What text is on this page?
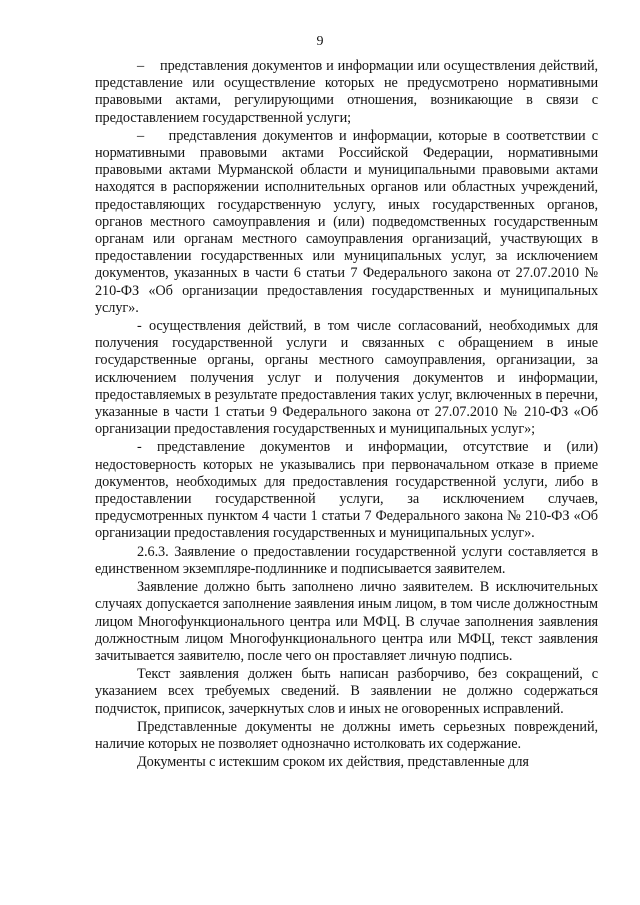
9

–    представления документов и информации или осуществления действий, представление или осуществление которых не предусмотрено нормативными правовыми актами, регулирующими отношения, возникающие в связи с предоставлением государственной услуги;

–    представления документов и информации, которые в соответствии с нормативными правовыми актами Российской Федерации, нормативными правовыми актами Мурманской области и муниципальными правовыми актами находятся в распоряжении исполнительных органов или областных учреждений, предоставляющих государственную услугу, иных государственных органов, органов местного самоуправления и (или) подведомственных государственным органам или органам местного самоуправления организаций, участвующих в предоставлении государственных или муниципальных услуг, за исключением документов, указанных в части 6 статьи 7 Федерального закона от 27.07.2010 № 210-ФЗ «Об организации предоставления государственных и муниципальных услуг».

- осуществления действий, в том числе согласований, необходимых для получения государственной услуги и связанных с обращением в иные государственные органы, органы местного самоуправления, организации, за исключением получения услуг и получения документов и информации, предоставляемых в результате предоставления таких услуг, включенных в перечни, указанные в части 1 статьи 9 Федерального закона от 27.07.2010 № 210-ФЗ «Об организации предоставления государственных и муниципальных услуг»;

- представление документов и информации, отсутствие и (или) недостоверность которых не указывались при первоначальном отказе в приеме документов, необходимых для предоставления государственной услуги, либо в предоставлении государственной услуги, за исключением случаев, предусмотренных пунктом 4 части 1 статьи 7 Федерального закона № 210-ФЗ «Об организации предоставления государственных и муниципальных услуг».

2.6.3. Заявление о предоставлении государственной услуги составляется в единственном экземпляре-подлиннике и подписывается заявителем.

Заявление должно быть заполнено лично заявителем. В исключительных случаях допускается заполнение заявления иным лицом, в том числе должностным лицом Многофункционального центра или МФЦ. В случае заполнения заявления должностным лицом Многофункционального центра или МФЦ, текст заявления зачитывается заявителю, после чего он проставляет личную подпись.

Текст заявления должен быть написан разборчиво, без сокращений, с указанием всех требуемых сведений. В заявлении не должно содержаться подчисток, приписок, зачеркнутых слов и иных не оговоренных исправлений.

Представленные документы не должны иметь серьезных повреждений, наличие которых не позволяет однозначно истолковать их содержание.

Документы с истекшим сроком их действия, представленные для
